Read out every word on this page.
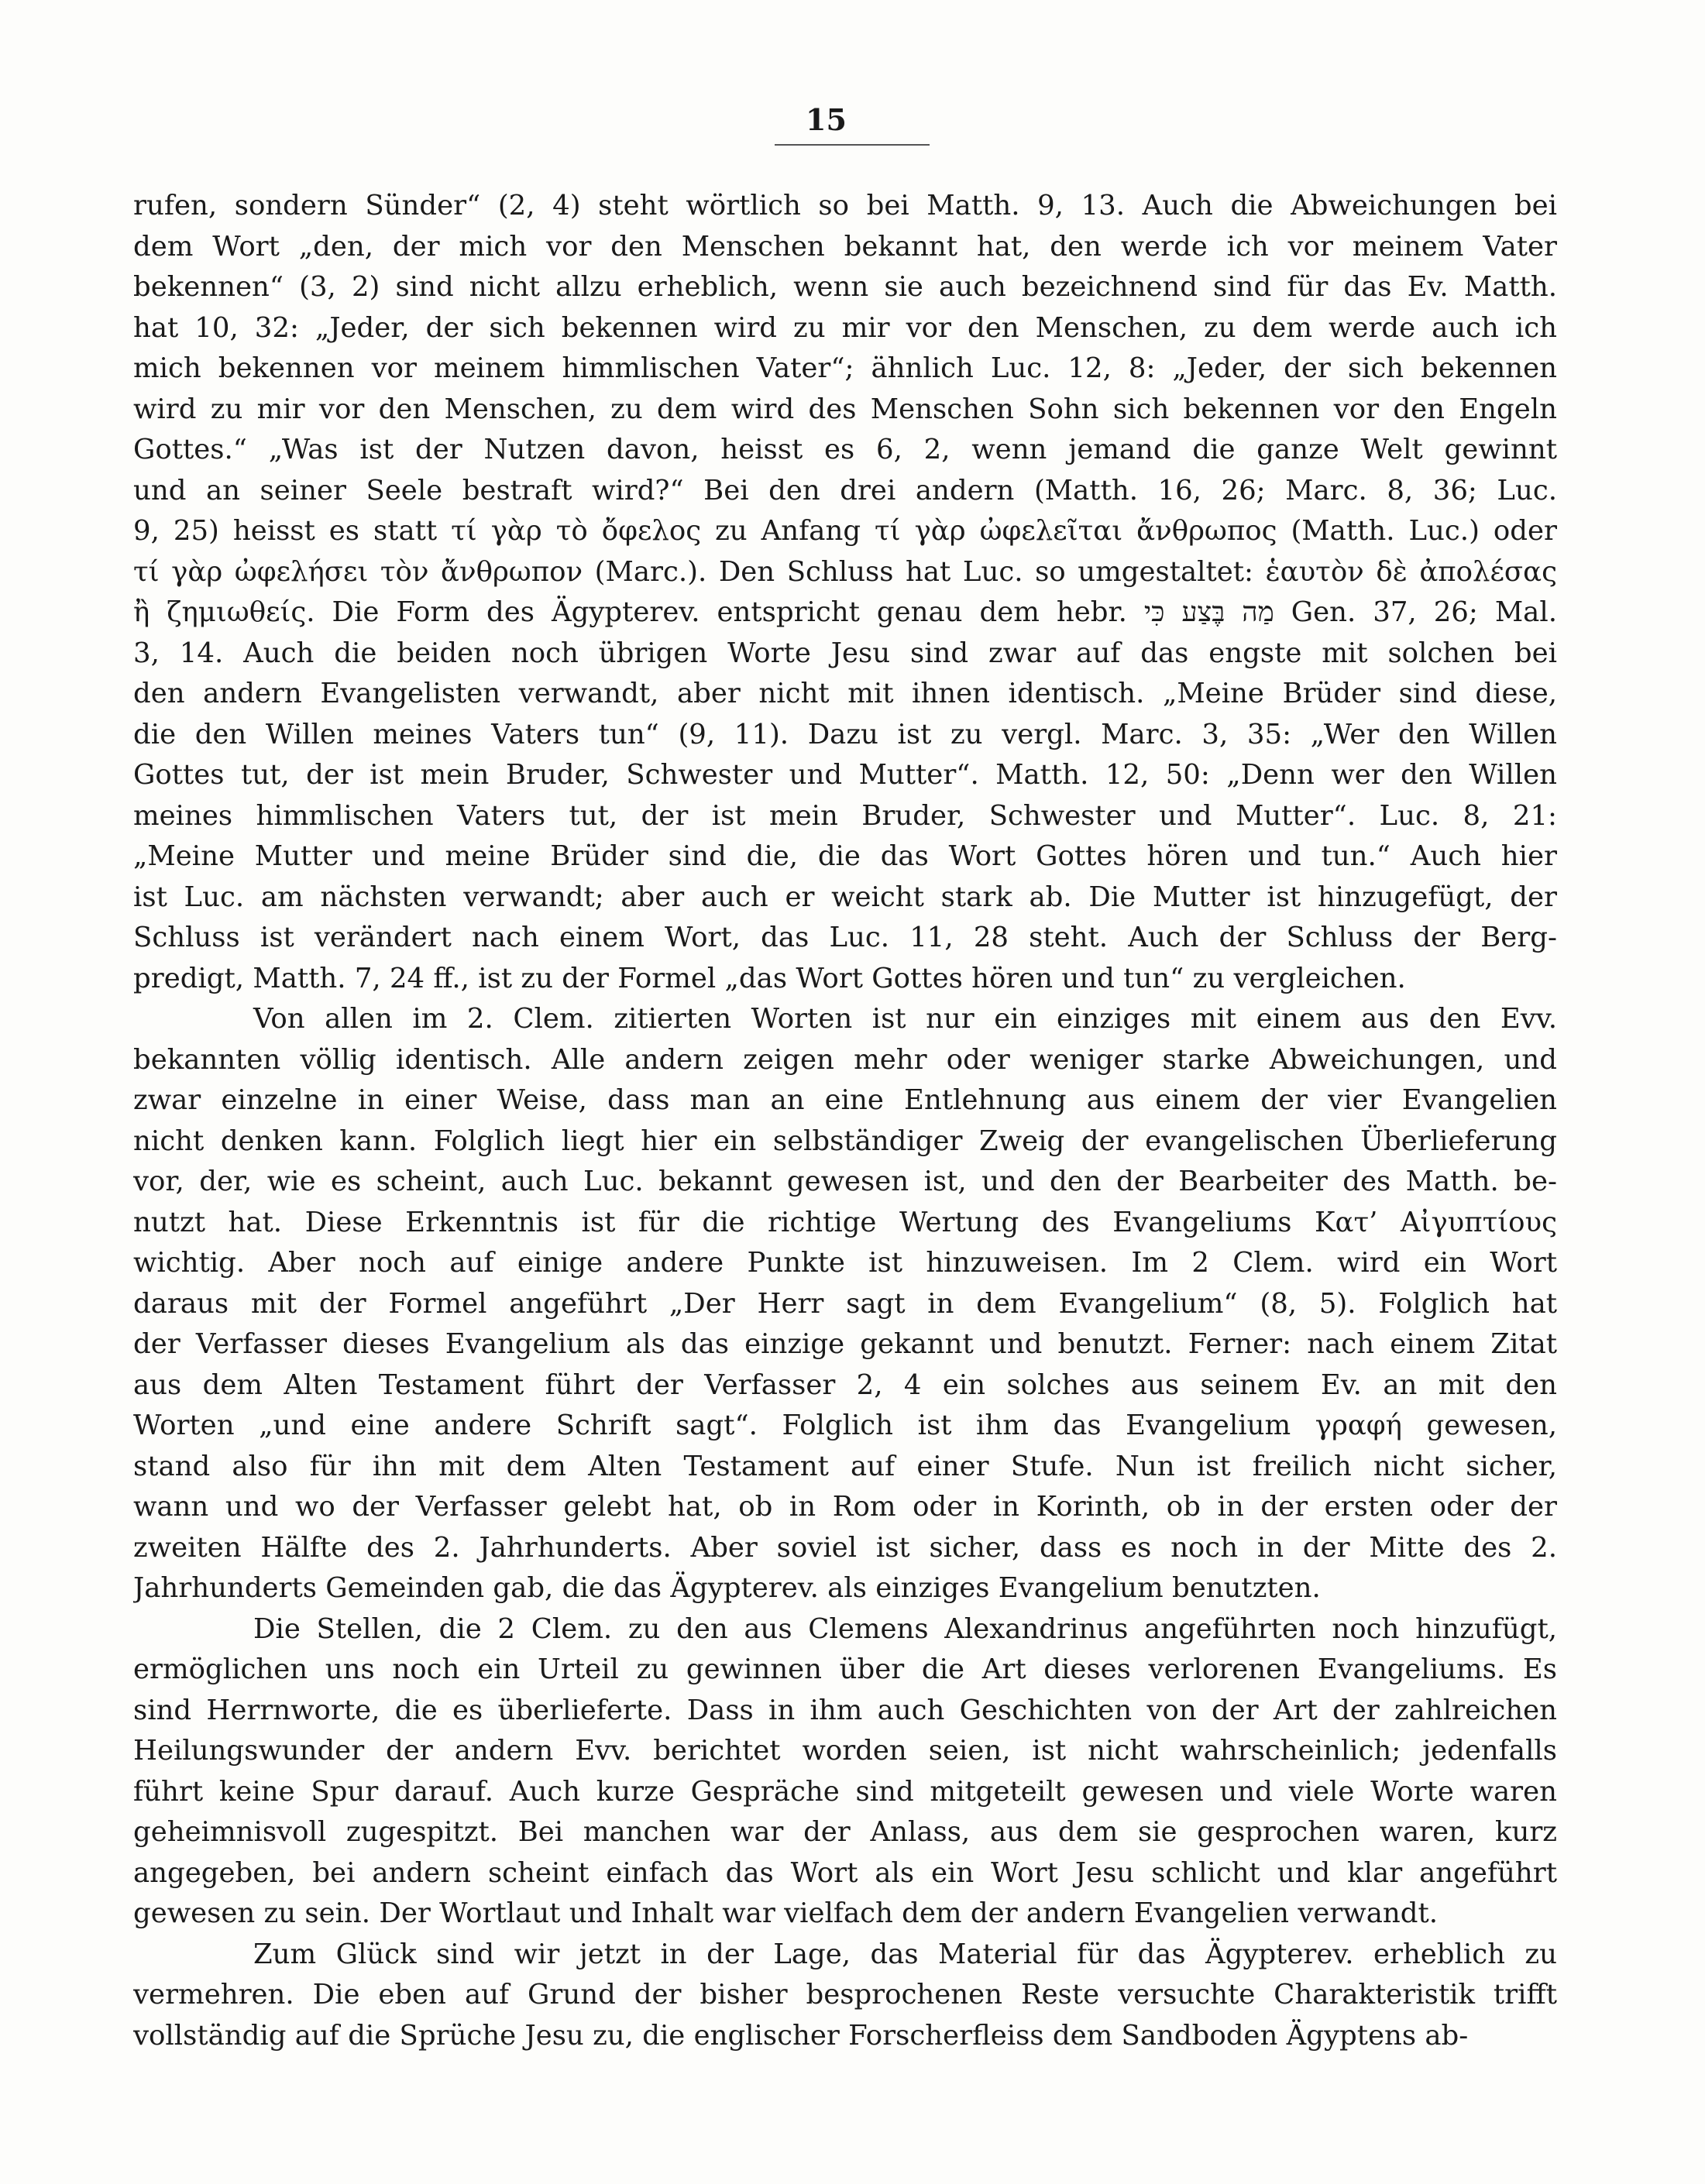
15
rufen, sondern Sünder“ (2, 4) steht wörtlich so bei Matth. 9, 13. Auch die Abweichungen bei
dem Wort „den, der mich vor den Menschen bekannt hat, den werde ich vor meinem Vater
bekennen“ (3, 2) sind nicht allzu erheblich, wenn sie auch bezeichnend sind für das Ev. Matth.
hat 10, 32: „Jeder, der sich bekennen wird zu mir vor den Menschen, zu dem werde auch ich
mich bekennen vor meinem himmlischen Vater“; ähnlich Luc. 12, 8: „Jeder, der sich bekennen
wird zu mir vor den Menschen, zu dem wird des Menschen Sohn sich bekennen vor den Engeln
Gottes.“ „Was ist der Nutzen davon, heisst es 6, 2, wenn jemand die ganze Welt gewinnt
und an seiner Seele bestraft wird?“ Bei den drei andern (Matth. 16, 26; Marc. 8, 36; Luc.
9, 25) heisst es statt τί γὰρ τὸ ὄφελος zu Anfang τί γὰρ ὠφελεῖται ἄνθρωπος (Matth. Luc.) oder
τί γὰρ ὠφελήσει τὸν ἄνθρωπον (Marc.). Den Schluss hat Luc. so umgestaltet: ἑαυτὸν δὲ ἀπολέσας
ἢ ζημιωθείς. Die Form des Ägypterev. entspricht genau dem hebr. מַה בֶּצַע כִּי Gen. 37, 26; Mal.
3, 14. Auch die beiden noch übrigen Worte Jesu sind zwar auf das engste mit solchen bei
den andern Evangelisten verwandt, aber nicht mit ihnen identisch. „Meine Brüder sind diese,
die den Willen meines Vaters tun“ (9, 11). Dazu ist zu vergl. Marc. 3, 35: „Wer den Willen
Gottes tut, der ist mein Bruder, Schwester und Mutter“. Matth. 12, 50: „Denn wer den Willen
meines himmlischen Vaters tut, der ist mein Bruder, Schwester und Mutter“. Luc. 8, 21:
„Meine Mutter und meine Brüder sind die, die das Wort Gottes hören und tun.“ Auch hier
ist Luc. am nächsten verwandt; aber auch er weicht stark ab. Die Mutter ist hinzugefügt, der
Schluss ist verändert nach einem Wort, das Luc. 11, 28 steht. Auch der Schluss der Berg-
predigt, Matth. 7, 24 ff., ist zu der Formel „das Wort Gottes hören und tun“ zu vergleichen.
Von allen im 2. Clem. zitierten Worten ist nur ein einziges mit einem aus den Evv.
bekannten völlig identisch. Alle andern zeigen mehr oder weniger starke Abweichungen, und
zwar einzelne in einer Weise, dass man an eine Entlehnung aus einem der vier Evangelien
nicht denken kann. Folglich liegt hier ein selbständiger Zweig der evangelischen Überlieferung
vor, der, wie es scheint, auch Luc. bekannt gewesen ist, und den der Bearbeiter des Matth. be-
nutzt hat. Diese Erkenntnis ist für die richtige Wertung des Evangeliums Κατ’ Αἰγυπτίους
wichtig. Aber noch auf einige andere Punkte ist hinzuweisen. Im 2 Clem. wird ein Wort
daraus mit der Formel angeführt „Der Herr sagt in dem Evangelium“ (8, 5). Folglich hat
der Verfasser dieses Evangelium als das einzige gekannt und benutzt. Ferner: nach einem Zitat
aus dem Alten Testament führt der Verfasser 2, 4 ein solches aus seinem Ev. an mit den
Worten „und eine andere Schrift sagt“. Folglich ist ihm das Evangelium γραφή gewesen,
stand also für ihn mit dem Alten Testament auf einer Stufe. Nun ist freilich nicht sicher,
wann und wo der Verfasser gelebt hat, ob in Rom oder in Korinth, ob in der ersten oder der
zweiten Hälfte des 2. Jahrhunderts. Aber soviel ist sicher, dass es noch in der Mitte des 2.
Jahrhunderts Gemeinden gab, die das Ägypterev. als einziges Evangelium benutzten.
Die Stellen, die 2 Clem. zu den aus Clemens Alexandrinus angeführten noch hinzufügt,
ermöglichen uns noch ein Urteil zu gewinnen über die Art dieses verlorenen Evangeliums. Es
sind Herrnworte, die es überlieferte. Dass in ihm auch Geschichten von der Art der zahlreichen
Heilungswunder der andern Evv. berichtet worden seien, ist nicht wahrscheinlich; jedenfalls
führt keine Spur darauf. Auch kurze Gespräche sind mitgeteilt gewesen und viele Worte waren
geheimnisvoll zugespitzt. Bei manchen war der Anlass, aus dem sie gesprochen waren, kurz
angegeben, bei andern scheint einfach das Wort als ein Wort Jesu schlicht und klar angeführt
gewesen zu sein. Der Wortlaut und Inhalt war vielfach dem der andern Evangelien verwandt.
Zum Glück sind wir jetzt in der Lage, das Material für das Ägypterev. erheblich zu
vermehren. Die eben auf Grund der bisher besprochenen Reste versuchte Charakteristik trifft
vollständig auf die Sprüche Jesu zu, die englischer Forscherfleiss dem Sandboden Ägyptens ab-
